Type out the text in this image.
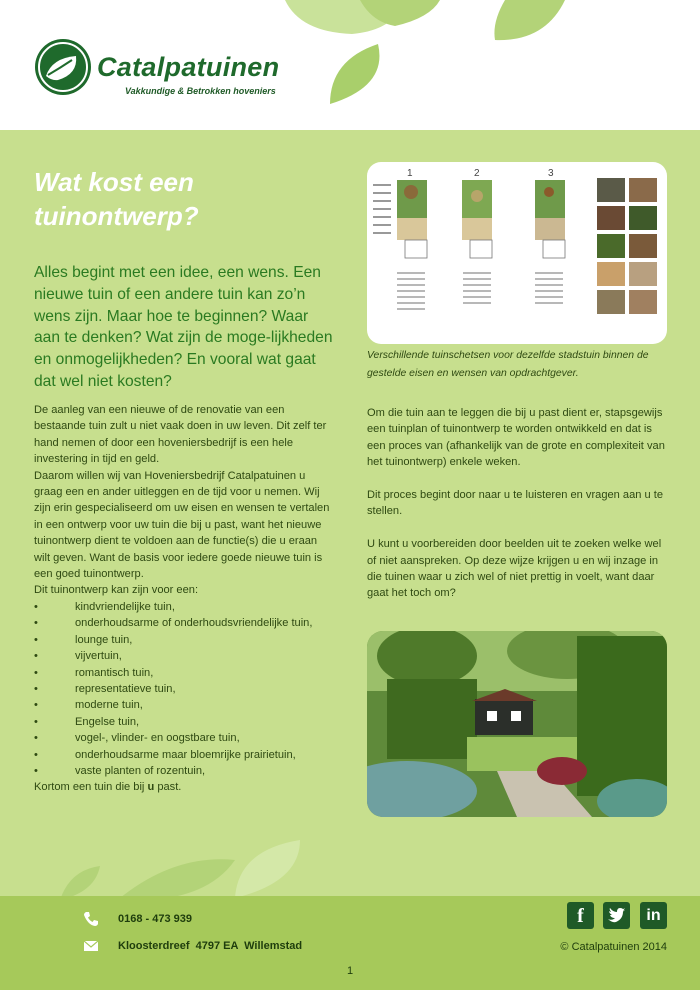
Catalpatuinen
Vakkundige & Betrokken hoveniers
Wat kost een tuinontwerp?
Alles begint met een idee, een wens. Een nieuwe tuin of een andere tuin kan zo’n wens zijn. Maar hoe te beginnen? Waar aan te denken? Wat zijn de moge-lijkheden en onmogelijkheden? En vooral wat gaat dat wel niet kosten?

De aanleg van een nieuwe of de renovatie van een bestaande tuin zult u niet vaak doen in uw leven. Dit zelf ter hand nemen of door een hoveniersbedrijf is een hele investering in tijd en geld.

Daarom willen wij van Hoveniersbedrijf Catalpatuinen u graag een en ander uitleggen en de tijd voor u nemen. Wij zijn erin gespecialiseerd om uw eisen en wensen te vertalen in een ontwerp voor uw tuin die bij u past, want het nieuwe tuinontwerp dient te voldoen aan de functie(s) die u eraan wilt geven. Want de basis voor iedere goede nieuwe tuin is een goed tuinontwerp.

Dit tuinontwerp kan zijn voor een:

•	kindvriendelijke tuin,
•	onderhoudsarme of onderhoudsvriendelijke tuin,
•	lounge tuin,
•	vijvertuin,
•	romantisch tuin,
•	representatieve tuin,
•	moderne tuin,
•	Engelse tuin,
•	vogel-, vlinder- en oogstbare tuin,
•	onderhoudsarme maar bloemrijke prairietuin,
•	vaste planten of rozentuin,

Kortom een tuin die bij u past.

1	2	3
Verschillende tuinschetsen voor dezelfde stadstuin binnen de gestelde eisen en wensen van opdrachtgever.

Om die tuin aan te leggen die bij u past dient er, stapsgewijs een tuinplan of tuinontwerp te worden ontwikkeld en dat is een proces van (afhankelijk van de grote en complexiteit van het tuinontwerp) enkele weken.

Dit proces begint door naar u te luisteren en vragen aan u te stellen.

U kunt u voorbereiden door beelden uit te zoeken welke wel of niet aanspreken. Op deze wijze krijgen u en wij inzage in die tuinen waar u zich wel of niet prettig in voelt, want daar gaat het toch om?

0168 - 473 939
Kloosterdreef  4797 EA  Willemstad
f	in
© Catalpatuinen 2014
1
